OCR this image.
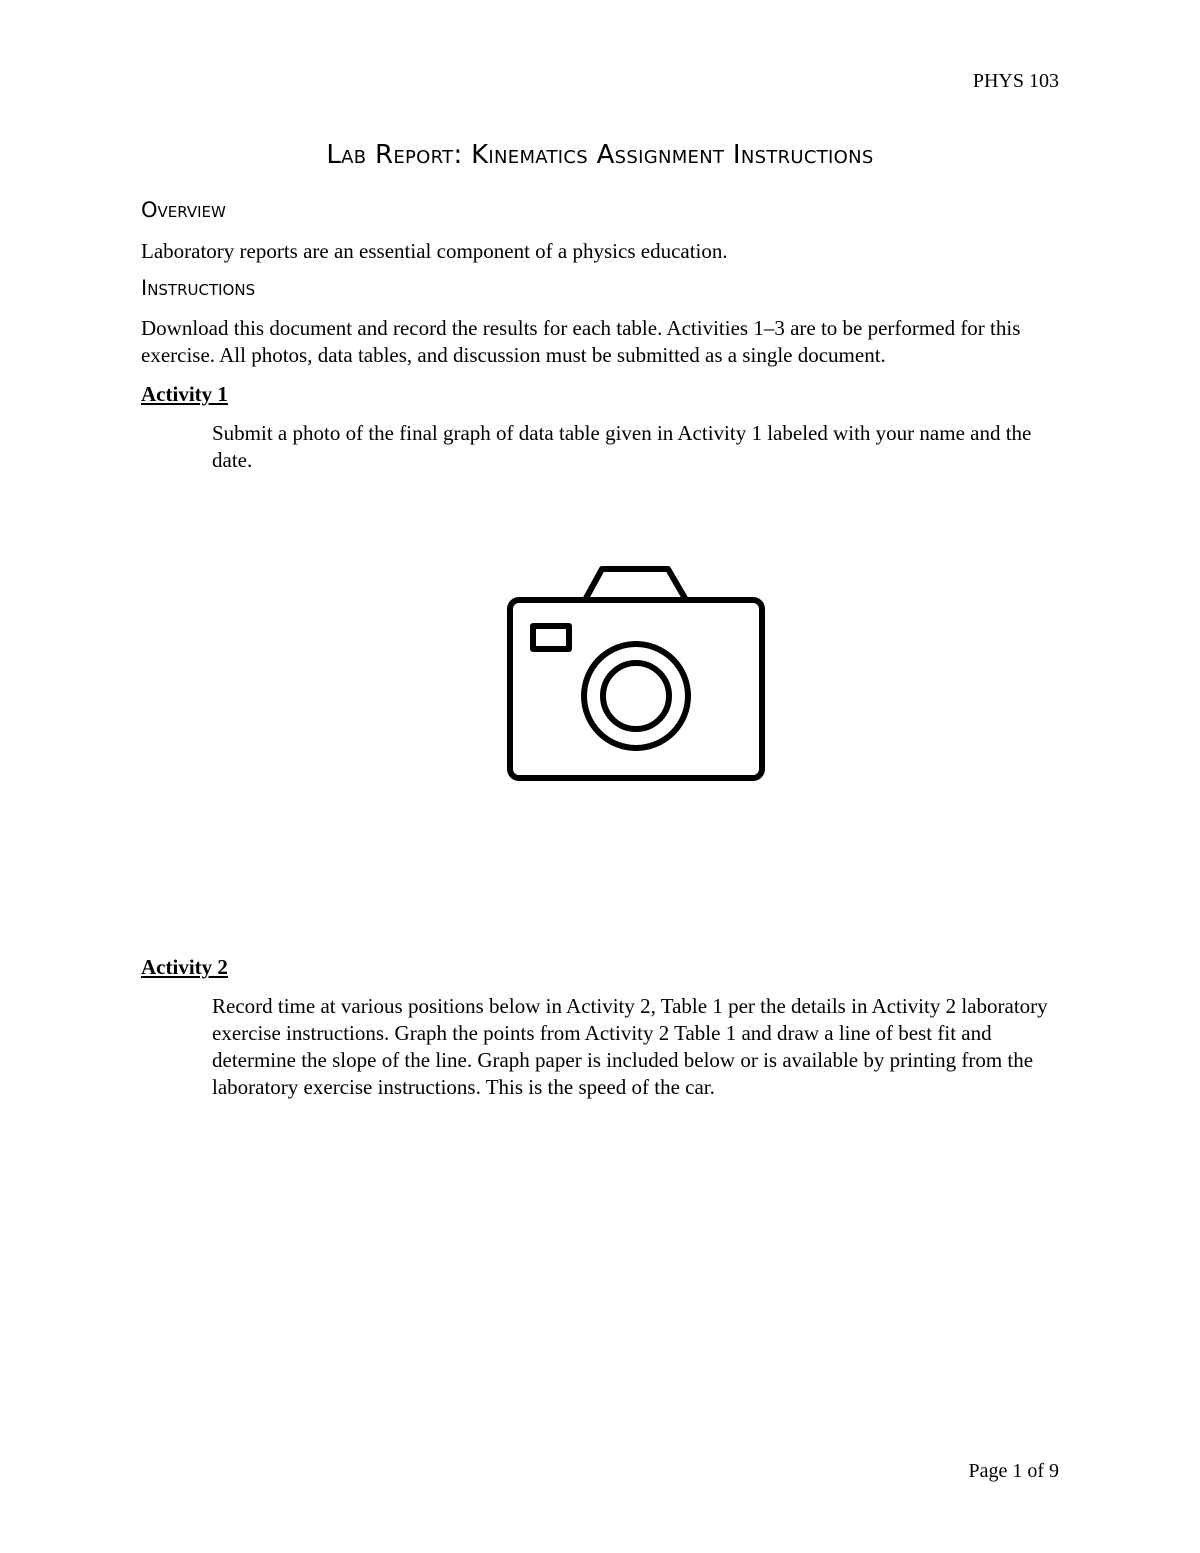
PHYS 103

Lab Report: Kinematics Assignment Instructions
Overview

Laboratory reports are an essential component of a physics education.

Instructions

Download this document and record the results for each table. Activities 1–3 are to be performed for this exercise. All photos, data tables, and discussion must be submitted as a single document.

Activity 1

Submit a photo of the final graph of data table given in Activity 1 labeled with your name and the date.

Activity 2

Record time at various positions below in Activity 2, Table 1 per the details in Activity 2 laboratory exercise instructions. Graph the points from Activity 2 Table 1 and draw a line of best fit and determine the slope of the line. Graph paper is included below or is available by printing from the laboratory exercise instructions. This is the speed of the car.

Page 1 of 9
